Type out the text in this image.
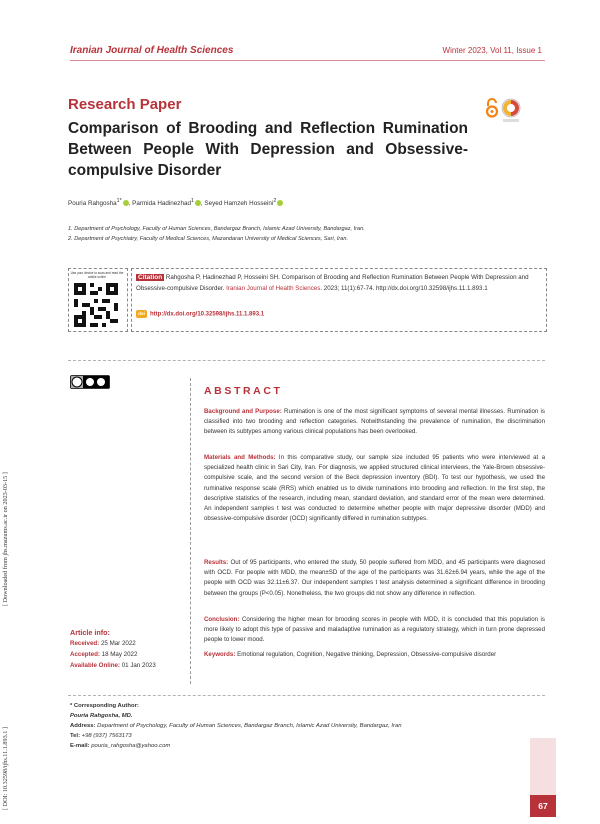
Iranian Journal of Health Sciences	Winter 2023, Vol 11, Issue 1
Research Paper
Comparison of Brooding and Reflection Rumination Between People With Depression and Obsessive-compulsive Disorder
Pouria Rahgosha$^{1*}$ , Parmida Hadinezhad$^1$ , Seyed Hamzeh Hosseini$^2$
1. Department of Psychology, Faculty of Human Sciences, Bandargaz Branch, Islamic Azad University, Bandargaz, Iran.
2. Department of Psychiatry, Faculty of Medical Sciences, Mazandaran University of Medical Sciences, Sari, Iran.
Use your device to scan and read the article online	Citation Rahgosha P, Hadinezhad P, Hosseini SH. Comparison of Brooding and Reflection Rumination Between People With Depression and Obsessive-compulsive Disorder. Iranian Journal of Health Sciences. 2023; 11(1):67-74. http://dx.doi.org/10.32598/ijhs.11.1.893.1
doi http://dx.doi.org/10.32598/ijhs.11.1.893.1
[ Downloaded from jhs.mazums.ac.ir on 2023-03-15 ]
[ DOI: 10.32598/ijhs.11.1.893.1 ]
Article info:
Received: 25 Mar 2022
Accepted: 18 May 2022
Available Online: 01 Jan 2023
ABSTRACT
Background and Purpose: Rumination is one of the most significant symptoms of several mental illnesses. Rumination is classified into two brooding and reflection categories. Notwithstanding the prevalence of rumination, the discrimination between its subtypes among various clinical populations has been overlooked.
Materials and Methods: In this comparative study, our sample size included 95 patients who were interviewed at a specialized health clinic in Sari City, Iran. For diagnosis, we applied structured clinical interviews, the Yale-Brown obsessive-compulsive scale, and the second version of the Beck depression inventory (BDI). To test our hypothesis, we used the ruminative response scale (RRS) which enabled us to divide ruminations into brooding and reflection. In the first step, the descriptive statistics of the research, including mean, standard deviation, and standard error of the mean were determined. An independent samples t test was conducted to determine whether people with major depressive disorder (MDD) and obsessive-compulsive disorder (OCD) significantly differed in rumination subtypes.
Results: Out of 95 participants, who entered the study, 50 people suffered from MDD, and 45 participants were diagnosed with OCD. For people with MDD, the mean±SD of the age of the participants was 31.62±6.94 years, while the age of the people with OCD was 32.11±6.37. Our independent samples t test analysis determined a significant difference in brooding between the groups (P<0.05). Nonetheless, the two groups did not show any difference in reflection.
Conclusion: Considering the higher mean for brooding scores in people with MDD, it is concluded that this population is more likely to adopt this type of passive and maladaptive rumination as a regulatory strategy, which in turn prone depressed people to lower mood.
Keywords: Emotional regulation, Cognition, Negative thinking, Depression, Obsessive-compulsive disorder
* Corresponding Author:
Pouria Rahgosha, MD.
Address: Department of Psychology, Faculty of Human Sciences, Bandargaz Branch, Islamic Azad University, Bandargaz, Iran
Tel: +98 (937) 7563173
E-mail: pouria_rahgosha@yahoo.com
67
